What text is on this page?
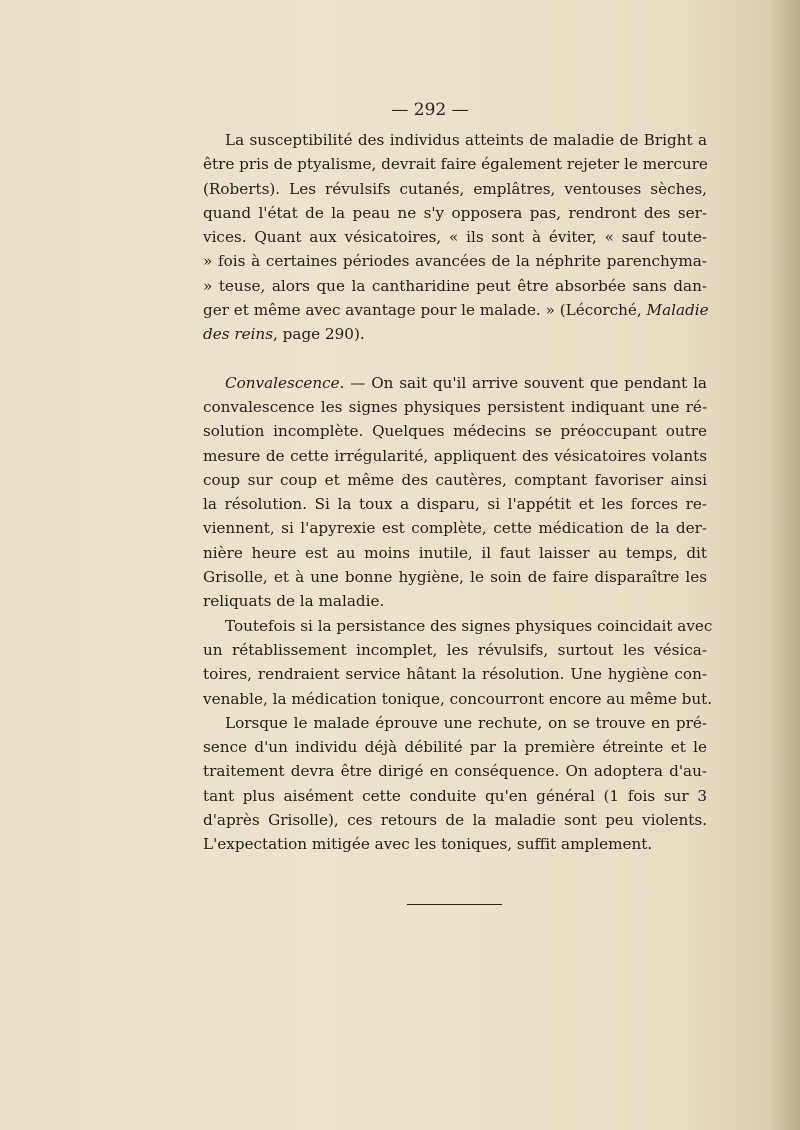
— 292 —
La susceptibilité des individus atteints de maladie de Bright a
être pris de ptyalisme, devrait faire également rejeter le mercure
(Roberts). Les révulsifs cutanés, emplâtres, ventouses sèches,
quand l'état de la peau ne s'y opposera pas, rendront des ser-
vices. Quant aux vésicatoires, « ils sont à éviter, « sauf toute-
» fois à certaines périodes avancées de la néphrite parenchyma-
» teuse, alors que la cantharidine peut être absorbée sans dan-
ger et même avec avantage pour le malade. » (Lécorché, Maladie
des reins, page 290).
Convalescence. — On sait qu'il arrive souvent que pendant la
convalescence les signes physiques persistent indiquant une ré-
solution incomplète. Quelques médecins se préoccupant outre
mesure de cette irrégularité, appliquent des vésicatoires volants
coup sur coup et même des cautères, comptant favoriser ainsi
la résolution. Si la toux a disparu, si l'appétit et les forces re-
viennent, si l'apyrexie est complète, cette médication de la der-
nière heure est au moins inutile, il faut laisser au temps, dit
Grisolle, et à une bonne hygiène, le soin de faire disparaître les
reliquats de la maladie.
Toutefois si la persistance des signes physiques coincidait avec
un rétablissement incomplet, les révulsifs, surtout les vésica-
toires, rendraient service hâtant la résolution. Une hygiène con-
venable, la médication tonique, concourront encore au même but.
Lorsque le malade éprouve une rechute, on se trouve en pré-
sence d'un individu déjà débilité par la première étreinte et le
traitement devra être dirigé en conséquence. On adoptera d'au-
tant plus aisément cette conduite qu'en général (1 fois sur 3
d'après Grisolle), ces retours de la maladie sont peu violents.
L'expectation mitigée avec les toniques, suffit amplement.
